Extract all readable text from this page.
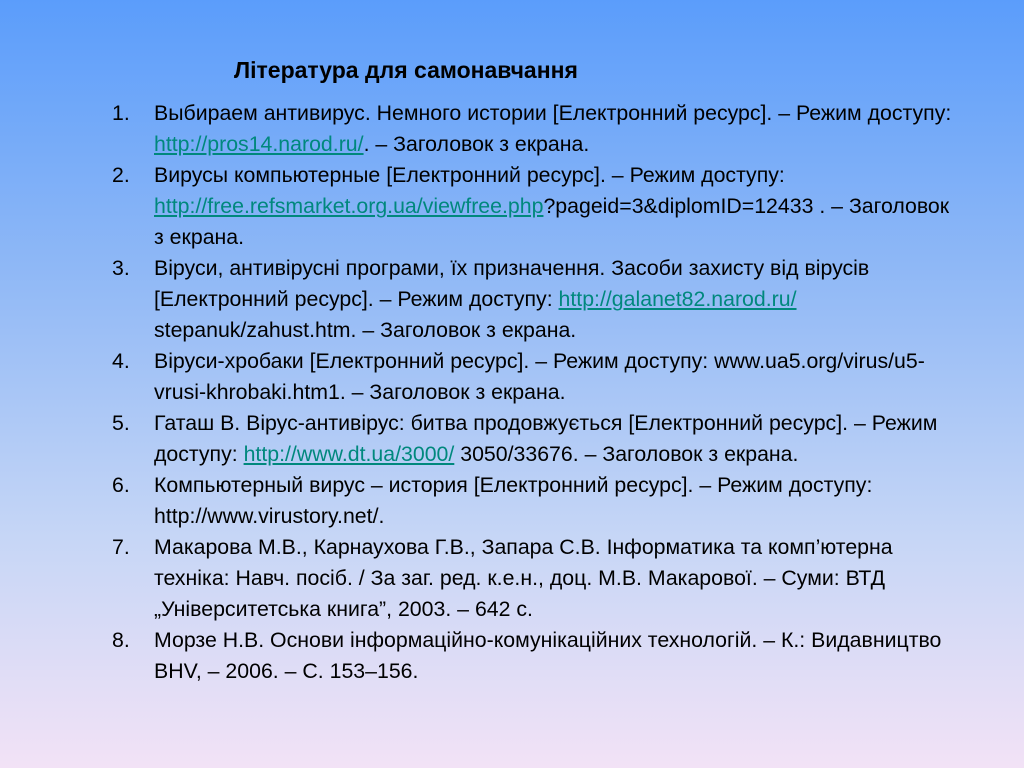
Література для самонавчання
1. Выбираем антивирус. Немного истории [Електронний ресурс]. – Режим доступу: http://pros14.narod.ru/. – Заголовок з екрана.
2. Вирусы компьютерные [Електронний ресурс]. – Режим доступу: http://free.refsmarket.org.ua/viewfree.php?pageid=3&diplomID=12433 . – Заголовок з екрана.
3. Віруси, антивірусні програми, їх призначення. Засоби захисту від вірусів [Електронний ресурс]. – Режим доступу: http://galanet82.narod.ru/ stepanuk/zahust.htm. – Заголовок з екрана.
4. Віруси-хробаки [Електронний ресурс]. – Режим доступу: www.ua5.org/virus/u5-vrusi-khrobaki.htm1. – Заголовок з екрана.
5. Гаташ В. Вірус-антивірус: битва продовжується [Електронний ресурс]. – Режим доступу: http://www.dt.ua/3000/ 3050/33676. – Заголовок з екрана.
6. Компьютерный вирус – история [Електронний ресурс]. – Режим доступу: http://www.virustory.net/.
7. Макарова М.В., Карнаухова Г.В., Запара С.В. Інформатика та комп’ютерна техніка: Навч. посіб. / За заг. ред. к.е.н., доц. М.В. Макарової. – Суми: ВТД „Університетська книга”, 2003. – 642 с.
8. Морзе Н.В. Основи інформаційно-комунікаційних технологій. – К.: Видавництво BHV, – 2006. – С. 153–156.
